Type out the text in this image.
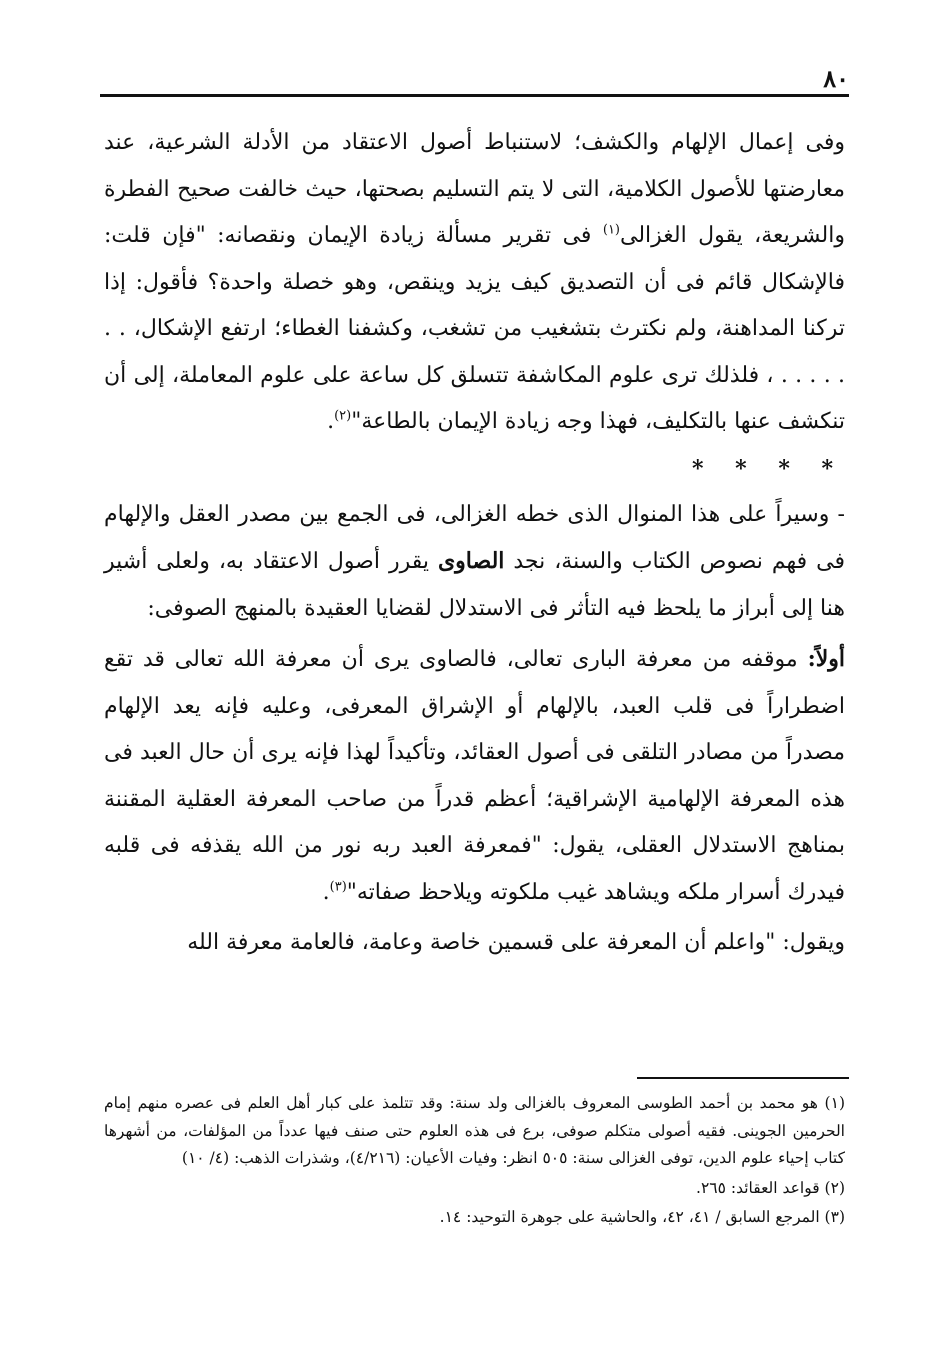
٨٠

وفى إعمال الإلهام والكشف؛ لاستنباط أصول الاعتقاد من الأدلة الشرعية، عند معارضتها للأصول الكلامية، التى لا يتم التسليم بصحتها، حيث خالفت صحيح الفطرة والشريعة، يقول الغزالى$^{(١)}$ فى تقرير مسألة زيادة الإيمان ونقصانه: "فإن قلت: فالإشكال قائم فى أن التصديق كيف يزيد وينقص، وهو خصلة واحدة؟ فأقول: إذا تركنا المداهنة، ولم نكترث بتشغيب من تشغب، وكشفنا الغطاء؛ ارتفع الإشكال، . . . . . . . ، فلذلك ترى علوم المكاشفة تتسلق كل ساعة على علوم المعاملة، إلى أن تنكشف عنها بالتكليف، فهذا وجه زيادة الإيمان بالطاعة"$^{(٢)}$.

* * * *

- وسيراً على هذا المنوال الذى خطه الغزالى، فى الجمع بين مصدر العقل والإلهام فى فهم نصوص الكتاب والسنة، نجد الصاوى يقرر أصول الاعتقاد به، ولعلى أشير هنا إلى أبراز ما يلحظ فيه التأثر فى الاستدلال لقضايا العقيدة بالمنهج الصوفى:

أولاً: موقفه من معرفة البارى تعالى، فالصاوى يرى أن معرفة الله تعالى قد تقع اضطراراً فى قلب العبد، بالإلهام أو الإشراق المعرفى، وعليه فإنه يعد الإلهام مصدراً من مصادر التلقى فى أصول العقائد، وتأكيداً لهذا فإنه يرى أن حال العبد فى هذه المعرفة الإلهامية الإشراقية؛ أعظم قدراً من صاحب المعرفة العقلية المقننة بمناهج الاستدلال العقلى، يقول: "فمعرفة العبد ربه نور من الله يقذفه فى قلبه فيدرك أسرار ملكه ويشاهد غيب ملكوته ويلاحظ صفاته"$^{(٣)}$.

ويقول: "واعلم أن المعرفة على قسمين خاصة وعامة، فالعامة معرفة الله

(١) هو محمد بن أحمد الطوسى المعروف بالغزالى ولد سنة: وقد تتلمذ على كبار أهل العلم فى عصره منهم إمام الحرمين الجوينى. فقيه أصولى متكلم صوفى، برع فى هذه العلوم حتى صنف فيها عدداً من المؤلفات، من أشهرها كتاب إحياء علوم الدين، توفى الغزالى سنة: ٥٠٥ انظر: وفيات الأعيان: (٤/٢١٦)، وشذرات الذهب: (٤/ ١٠)

(٢) قواعد العقائد: ٢٦٥.

(٣) المرجع السابق / ٤١، ٤٢، والحاشية على جوهرة التوحيد: ١٤.
